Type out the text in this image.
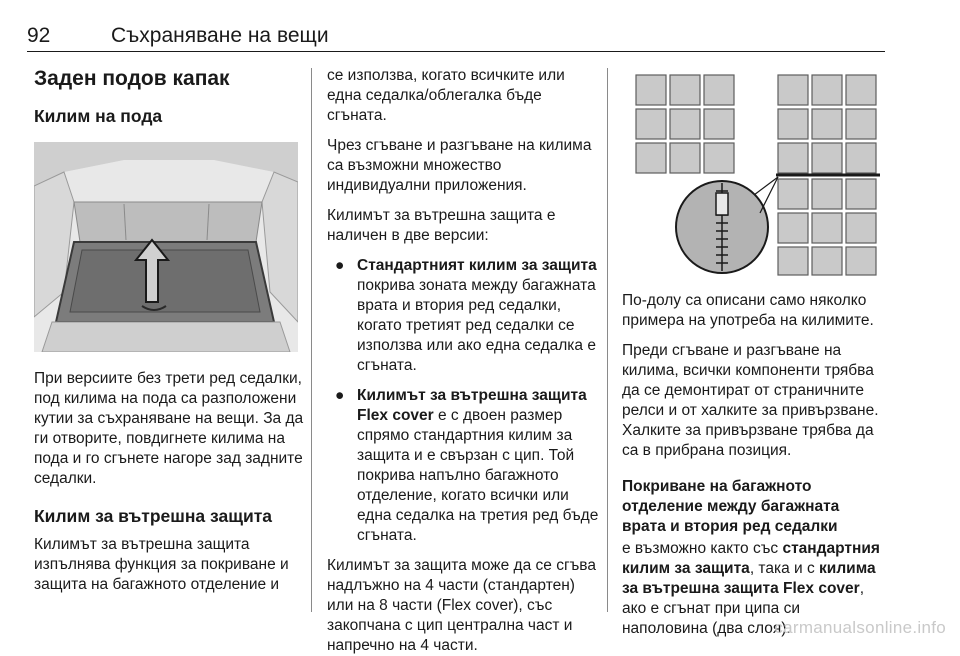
92	Съхраняване на вещи
Заден подов капак
Килим на пода

При версиите без трети ред седалки, под килима на пода са разположени кутии за съхраняване на вещи. За да ги отворите, повдигнете килима на пода и го сгънете нагоре зад задните седалки.

Килим за вътрешна защита

Килимът за вътрешна защита изпълнява функция за покриване и защита на багажното отделение и

се използва, когато всичките или една седалка/облегалка бъде сгъната.

Чрез сгъване и разгъване на килима са възможни множество индивидуални приложения.

Килимът за вътрешна защита е наличен в две версии:

● Стандартният килим за защита покрива зоната между багажната врата и втория ред седалки, когато третият ред седалки се използва или ако една седалка е сгъната.
● Килимът за вътрешна защита Flex cover е с двоен размер спрямо стандартния килим за защита и е свързан с цип. Той покрива напълно багажното отделение, когато всички или една седалка на третия ред бъде сгъната.

Килимът за защита може да се сгъва надлъжно на 4 части (стандартен) или на 8 части (Flex cover), със закопчана с цип централна част и напречно на 4 части.

По-долу са описани само няколко примера на употреба на килимите.

Преди сгъване и разгъване на килима, всички компоненти трябва да се демонтират от страничните релси и от халките за привързване. Халките за привързване трябва да са в прибрана позиция.

Покриване на багажното отделение между багажната врата и втория ред седалки

е възможно както със стандартния килим за защита, така и с килима за вътрешна защита Flex cover, ако е сгънат при ципа си наполовина (два слоя).

carmanualsonline.info
